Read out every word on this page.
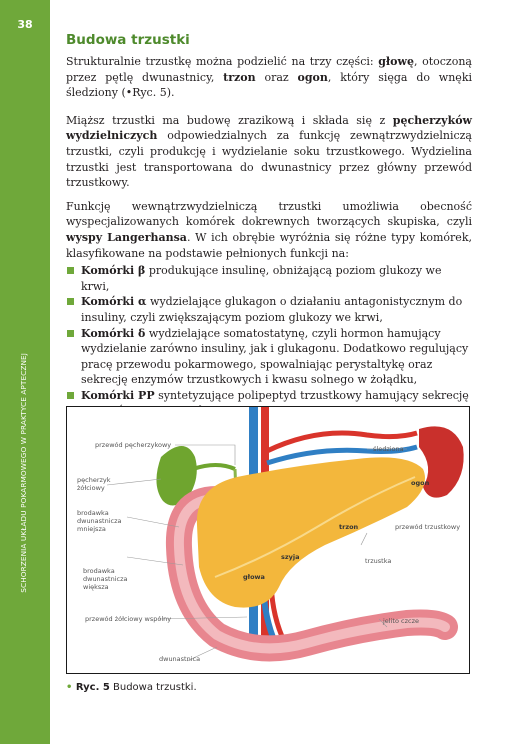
38
SCHORZENIA UKŁADU POKARMOWEGO W PRAKTYCE APTECZNEJ
Budowa trzustki

Strukturalnie trzustkę można podzielić na trzy części: głowę, otoczoną przez pętlę dwunastnicy, trzon oraz ogon, który sięga do wnęki śledziony (•Ryc. 5).

Miąższ trzustki ma budowę zrazikową i składa się z pęcherzyków wydzielniczych odpowiedzialnych za funkcję zewnątrzwydzielniczą trzustki, czyli produkcję i wydzielanie soku trzustkowego. Wydzielina trzustki jest transportowana do dwunastnicy przez główny przewód trzustkowy.

Funkcję wewnątrzwydzielniczą trzustki umożliwia obecność wyspecjalizowanych komórek dokrewnych tworzących skupiska, czyli wyspy Langerhansa. W ich obrębie wyróżnia się różne typy komórek, klasyfikowane na podstawie pełnionych funkcji na:

Komórki β produkujące insulinę, obniżającą poziom glukozy we krwi,
Komórki α wydzielające glukagon o działaniu antagonistycznym do insuliny, czyli zwiększającym poziom glukozy we krwi,
Komórki δ wydzielające somatostatynę, czyli hormon hamujący wydzielanie zarówno insuliny, jak i glukagonu. Dodatkowo regulujący pracę przewodu pokarmowego, spowalniając perystaltykę oraz sekrecję enzymów trzustkowych i kwasu solnego w żołądku,
Komórki PP syntetyzujące polipeptyd trzustkowy hamujący sekrecję
przewód pęcherzykowy
pęcherzyk
żółciowy
brodawka
dwunastnicza
mniejsza
brodawka
dwunastnicza
większa
przewód żółciowy wspólny
dwunastnica
śledziona
ogon
trzon	przewód trzustkowy
szyja	trzustka
głowa
jelito czcze
• Ryc. 5 Budowa trzustki.
